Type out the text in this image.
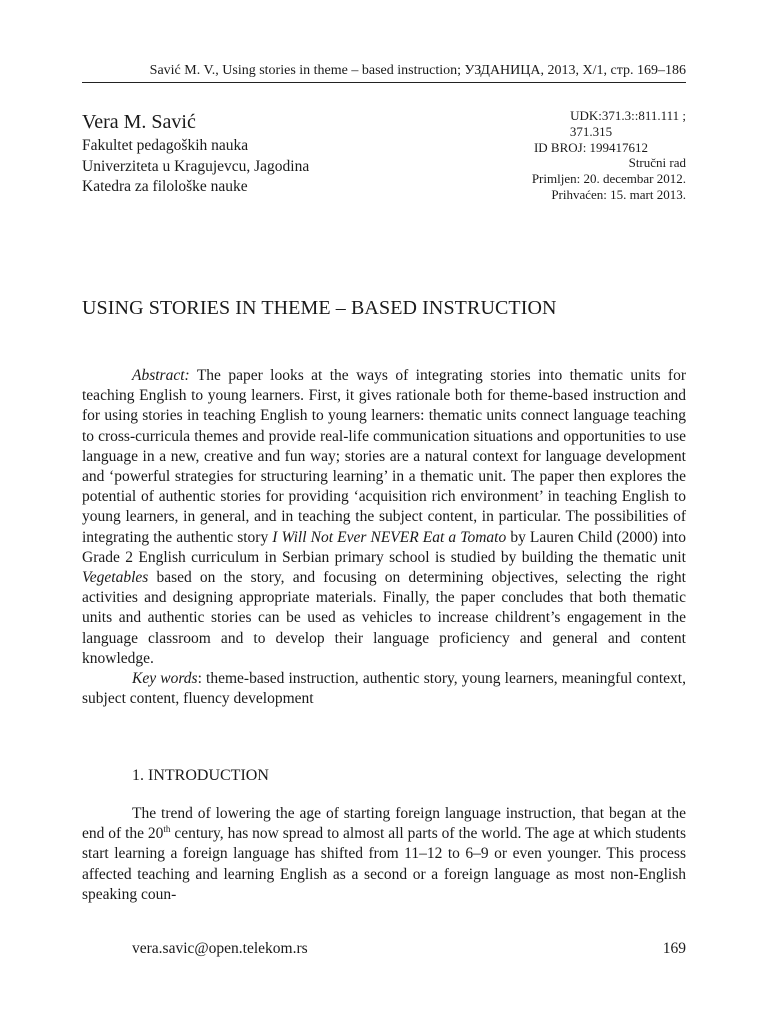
Savić M. V., Using stories in theme – based instruction; УЗДАНИЦА, 2013, X/1, стр. 169–186
Vera M. Savić
Fakultet pedagoških nauka
Univerziteta u Kragujevcu, Jagodina
Katedra za filološke nauke
UDK:371.3::811.111 ;
371.315
ID BROJ: 199417612
Stručni rad
Primljen: 20. decembar 2012.
Prihvaćen: 15. mart 2013.
USING STORIES IN THEME – BASED INSTRUCTION

Abstract: The paper looks at the ways of integrating stories into thematic units for teaching English to young learners. First, it gives rationale both for theme-based instruction and for using stories in teaching English to young learners: thematic units connect language teaching to cross-curricula themes and provide real-life communication situations and opportunities to use language in a new, creative and fun way; stories are a natural context for language development and ‘powerful strategies for structuring learning’ in a thematic unit. The paper then explores the potential of authentic stories for providing ‘acquisition rich environment’ in teaching English to young learners, in general, and in teaching the subject content, in particular. The possibilities of integrating the authentic story I Will Not Ever NEVER Eat a Tomato by Lauren Child (2000) into Grade 2 English curriculum in Serbian primary school is studied by building the thematic unit Vegetables based on the story, and focusing on determining objectives, selecting the right activities and designing appropriate materials. Finally, the paper concludes that both thematic units and authentic stories can be used as vehicles to increase childrent’s engagement in the language classroom and to develop their language proficiency and general and content knowledge.

Key words: theme-based instruction, authentic story, young learners, meaningful context, subject content, fluency development

1. INTRODUCTION

The trend of lowering the age of starting foreign language instruction, that began at the end of the 20th century, has now spread to almost all parts of the world. The age at which students start learning a foreign language has shifted from 11–12 to 6–9 or even younger. This process affected teaching and learning English as a second or a foreign language as most non-English speaking coun-

vera.savic@open.telekom.rs	169
